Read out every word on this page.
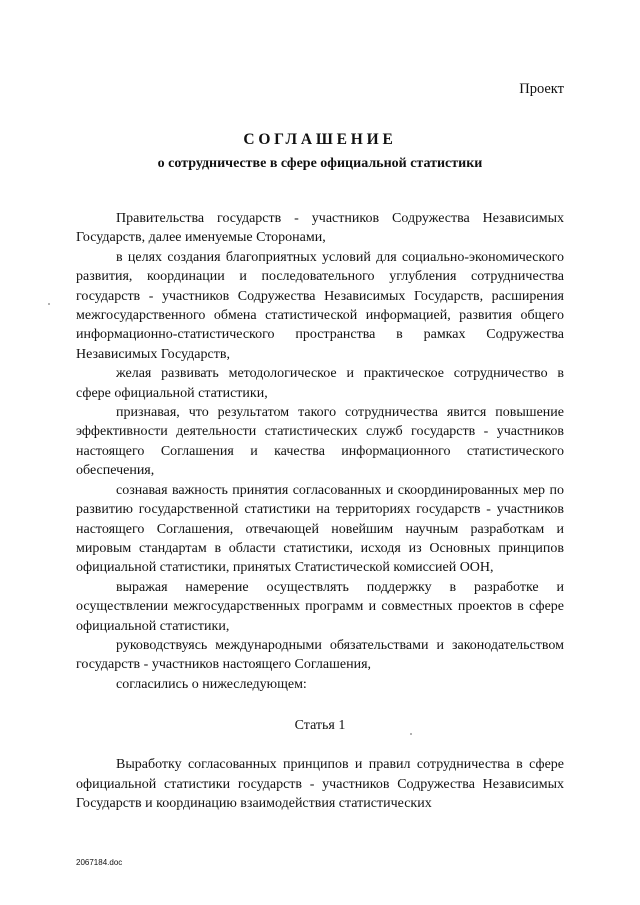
Проект
СОГЛАШЕНИЕ
о сотрудничестве в сфере официальной статистики

Правительства государств - участников Содружества Независимых Государств, далее именуемые Сторонами,

в целях создания благоприятных условий для социально-экономического развития, координации и последовательного углубления сотрудничества государств - участников Содружества Независимых Государств, расширения межгосударственного обмена статистической информацией, развития общего информационно-статистического пространства в рамках Содружества Независимых Государств,

желая развивать методологическое и практическое сотрудничество в сфере официальной статистики,

признавая, что результатом такого сотрудничества явится повышение эффективности деятельности статистических служб государств - участников настоящего Соглашения и качества информационного статистического обеспечения,

сознавая важность принятия согласованных и скоординированных мер по развитию государственной статистики на территориях государств - участников настоящего Соглашения, отвечающей новейшим научным разработкам и мировым стандартам в области статистики, исходя из Основных принципов официальной статистики, принятых Статистической комиссией ООН,

выражая намерение осуществлять поддержку в разработке и осуществлении межгосударственных программ и совместных проектов в сфере официальной статистики,

руководствуясь международными обязательствами и законодательством государств - участников настоящего Соглашения,

согласились о нижеследующем:

Статья 1

Выработку согласованных принципов и правил сотрудничества в сфере официальной статистики государств - участников Содружества Независимых Государств и координацию взаимодействия статистических

2067184.doc
